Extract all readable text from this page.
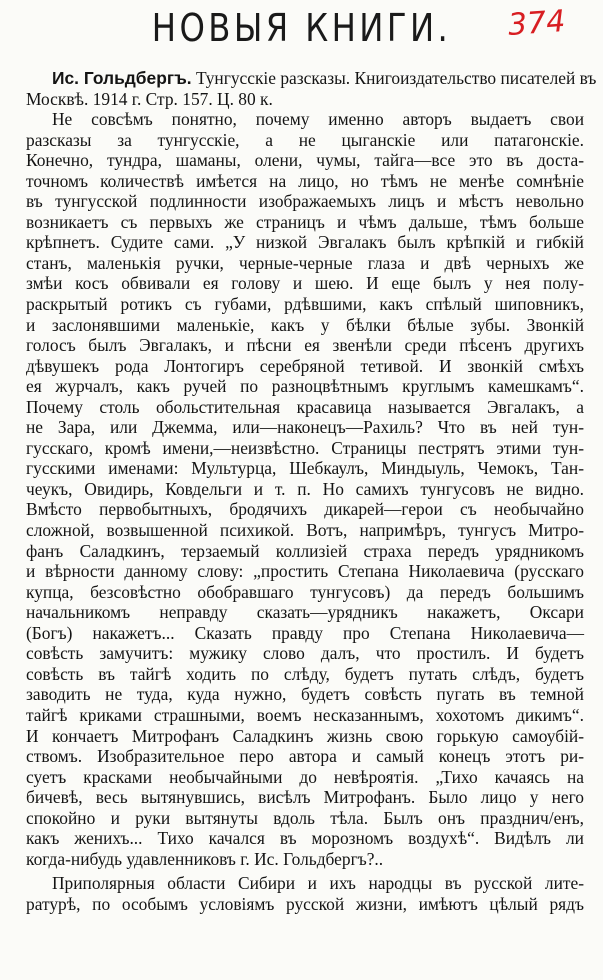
НОВЫЯ КНИГИ.	374
Ис. Гольдбергъ. Тунгусскіе разсказы. Книгоиздательство писателей въ
Москвѣ. 1914 г. Стр. 157. Ц. 80 к.
Не совсѣмъ понятно, почему именно авторъ выдаетъ свои
разсказы за тунгусскіе, а не цыганскіе или патагонскіе.
Конечно, тундра, шаманы, олени, чумы, тайга—все это въ доста-
точномъ количествѣ имѣется на лицо, но тѣмъ не менѣе сомнѣніе
въ тунгусской подлинности изображаемыхъ лицъ и мѣстъ невольно
возникаетъ съ первыхъ же страницъ и чѣмъ дальше, тѣмъ больше
крѣпнетъ. Судите сами. „У низкой Эвгалакъ былъ крѣпкій и гибкій
станъ, маленькія ручки, черные-черные глаза и двѣ черныхъ же
змѣи косъ обвивали ея голову и шею. И еще былъ у нея полу-
раскрытый ротикъ съ губами, рдѣвшими, какъ спѣлый шиповникъ,
и заслонявшими маленькіе, какъ у бѣлки бѣлые зубы. Звонкій
голосъ былъ Эвгалакъ, и пѣсни ея звенѣли среди пѣсенъ другихъ
дѣвушекъ рода Лонтогиръ серебряной тетивой. И звонкій смѣхъ
ея журчалъ, какъ ручей по разноцвѣтнымъ круглымъ камешкамъ“.
Почему столь обольстительная красавица называется Эвгалакъ, а
не Зара, или Джемма, или—наконецъ—Рахиль? Что въ ней тун-
гусскаго, кромѣ имени,—неизвѣстно. Страницы пестрятъ этими тун-
гусскими именами: Мультурца, Шебкаулъ, Миндыуль, Чемокъ, Тан-
чеукъ, Овидирь, Ковдельги и т. п. Но самихъ тунгусовъ не видно.
Вмѣсто первобытныхъ, бродячихъ дикарей—герои съ необычайно
сложной, возвышенной психикой. Вотъ, напримѣръ, тунгусъ Митро-
фанъ Саладкинъ, терзаемый коллизіей страха передъ урядникомъ
и вѣрности данному слову: „простить Степана Николаевича (русскаго
купца, безсовѣстно обобравшаго тунгусовъ) да передъ большимъ
начальникомъ неправду сказать—урядникъ накажетъ, Оксари
(Богъ) накажетъ... Сказать правду про Степана Николаевича—
совѣсть замучитъ: мужику слово далъ, что простилъ. И будетъ
совѣсть въ тайгѣ ходить по слѣду, будетъ путать слѣдъ, будетъ
заводить не туда, куда нужно, будетъ совѣсть пугать въ темной
тайгѣ криками страшными, воемъ несказаннымъ, хохотомъ дикимъ“.
И кончаетъ Митрофанъ Саладкинъ жизнь свою горькую самоубій-
ствомъ. Изобразительное перо автора и самый конецъ этотъ ри-
суетъ красками необычайными до невѣроятія. „Тихо качаясь на
бичевѣ, весь вытянувшись, висѣлъ Митрофанъ. Было лицо у него
спокойно и руки вытянуты вдоль тѣла. Былъ онъ празднич/енъ,
какъ женихъ... Тихо качался въ морозномъ воздухѣ“. Видѣлъ ли
когда-нибудь удавленниковъ г. Ис. Гольдбергъ?..
Приполярныя области Сибири и ихъ народцы въ русской лите-
ратурѣ, по особымъ условіямъ русской жизни, имѣютъ цѣлый рядъ
